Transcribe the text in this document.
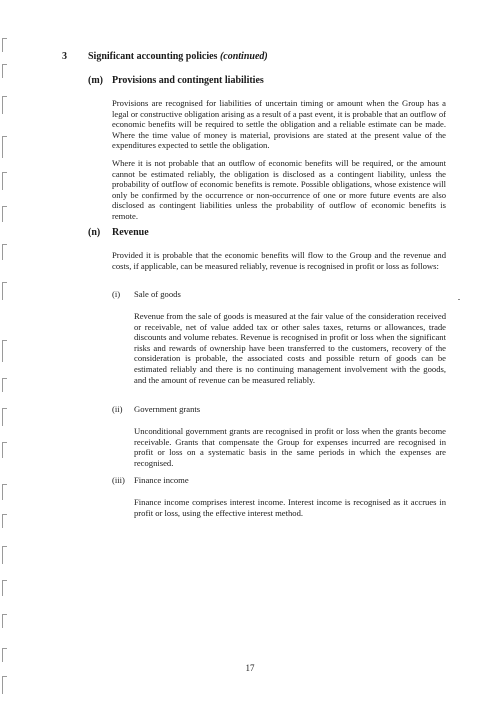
3 Significant accounting policies (continued)
(m) Provisions and contingent liabilities

Provisions are recognised for liabilities of uncertain timing or amount when the Group has a legal or constructive obligation arising as a result of a past event, it is probable that an outflow of economic benefits will be required to settle the obligation and a reliable estimate can be made. Where the time value of money is material, provisions are stated at the present value of the expenditures expected to settle the obligation.

Where it is not probable that an outflow of economic benefits will be required, or the amount cannot be estimated reliably, the obligation is disclosed as a contingent liability, unless the probability of outflow of economic benefits is remote. Possible obligations, whose existence will only be confirmed by the occurrence or non-occurrence of one or more future events are also disclosed as contingent liabilities unless the probability of outflow of economic benefits is remote.

(n) Revenue

Provided it is probable that the economic benefits will flow to the Group and the revenue and costs, if applicable, can be measured reliably, revenue is recognised in profit or loss as follows:

(i) Sale of goods

Revenue from the sale of goods is measured at the fair value of the consideration received or receivable, net of value added tax or other sales taxes, returns or allowances, trade discounts and volume rebates. Revenue is recognised in profit or loss when the significant risks and rewards of ownership have been transferred to the customers, recovery of the consideration is probable, the associated costs and possible return of goods can be estimated reliably and there is no continuing management involvement with the goods, and the amount of revenue can be measured reliably.

(ii) Government grants

Unconditional government grants are recognised in profit or loss when the grants become receivable. Grants that compensate the Group for expenses incurred are recognised in profit or loss on a systematic basis in the same periods in which the expenses are recognised.

(iii) Finance income

Finance income comprises interest income. Interest income is recognised as it accrues in profit or loss, using the effective interest method.

17
